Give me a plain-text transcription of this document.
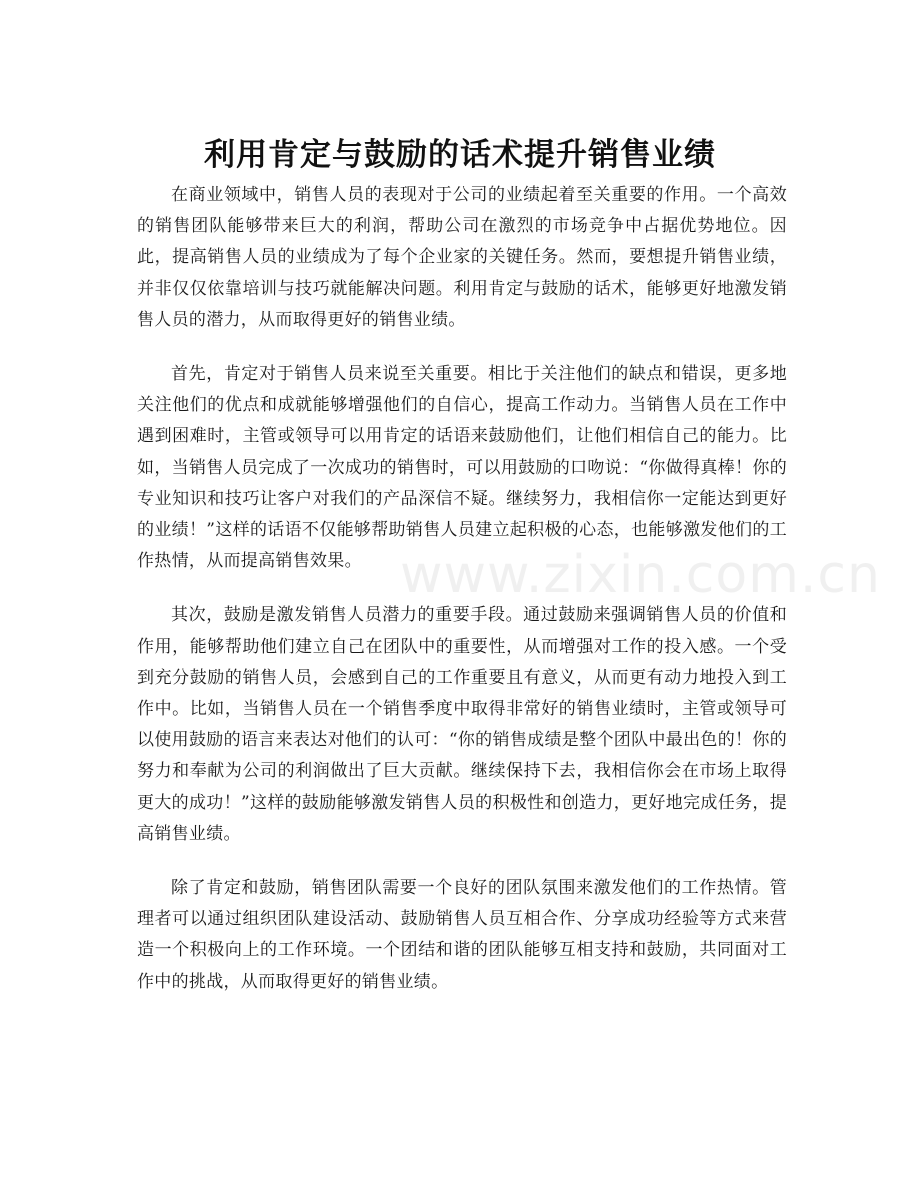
利用肯定与鼓励的话术提升销售业绩

在商业领域中，销售人员的表现对于公司的业绩起着至关重要的作用。一个高效的销售团队能够带来巨大的利润，帮助公司在激烈的市场竞争中占据优势地位。因此，提高销售人员的业绩成为了每个企业家的关键任务。然而，要想提升销售业绩，并非仅仅依靠培训与技巧就能解决问题。利用肯定与鼓励的话术，能够更好地激发销售人员的潜力，从而取得更好的销售业绩。

首先，肯定对于销售人员来说至关重要。相比于关注他们的缺点和错误，更多地关注他们的优点和成就能够增强他们的自信心，提高工作动力。当销售人员在工作中遇到困难时，主管或领导可以用肯定的话语来鼓励他们，让他们相信自己的能力。比如，当销售人员完成了一次成功的销售时，可以用鼓励的口吻说：“你做得真棒！你的专业知识和技巧让客户对我们的产品深信不疑。继续努力，我相信你一定能达到更好的业绩！”这样的话语不仅能够帮助销售人员建立起积极的心态，也能够激发他们的工作热情，从而提高销售效果。

其次，鼓励是激发销售人员潜力的重要手段。通过鼓励来强调销售人员的价值和作用，能够帮助他们建立自己在团队中的重要性，从而增强对工作的投入感。一个受到充分鼓励的销售人员，会感到自己的工作重要且有意义，从而更有动力地投入到工作中。比如，当销售人员在一个销售季度中取得非常好的销售业绩时，主管或领导可以使用鼓励的语言来表达对他们的认可：“你的销售成绩是整个团队中最出色的！你的努力和奉献为公司的利润做出了巨大贡献。继续保持下去，我相信你会在市场上取得更大的成功！”这样的鼓励能够激发销售人员的积极性和创造力，更好地完成任务，提高销售业绩。

除了肯定和鼓励，销售团队需要一个良好的团队氛围来激发他们的工作热情。管理者可以通过组织团队建设活动、鼓励销售人员互相合作、分享成功经验等方式来营造一个积极向上的工作环境。一个团结和谐的团队能够互相支持和鼓励，共同面对工作中的挑战，从而取得更好的销售业绩。

www.zixin.com.cn
